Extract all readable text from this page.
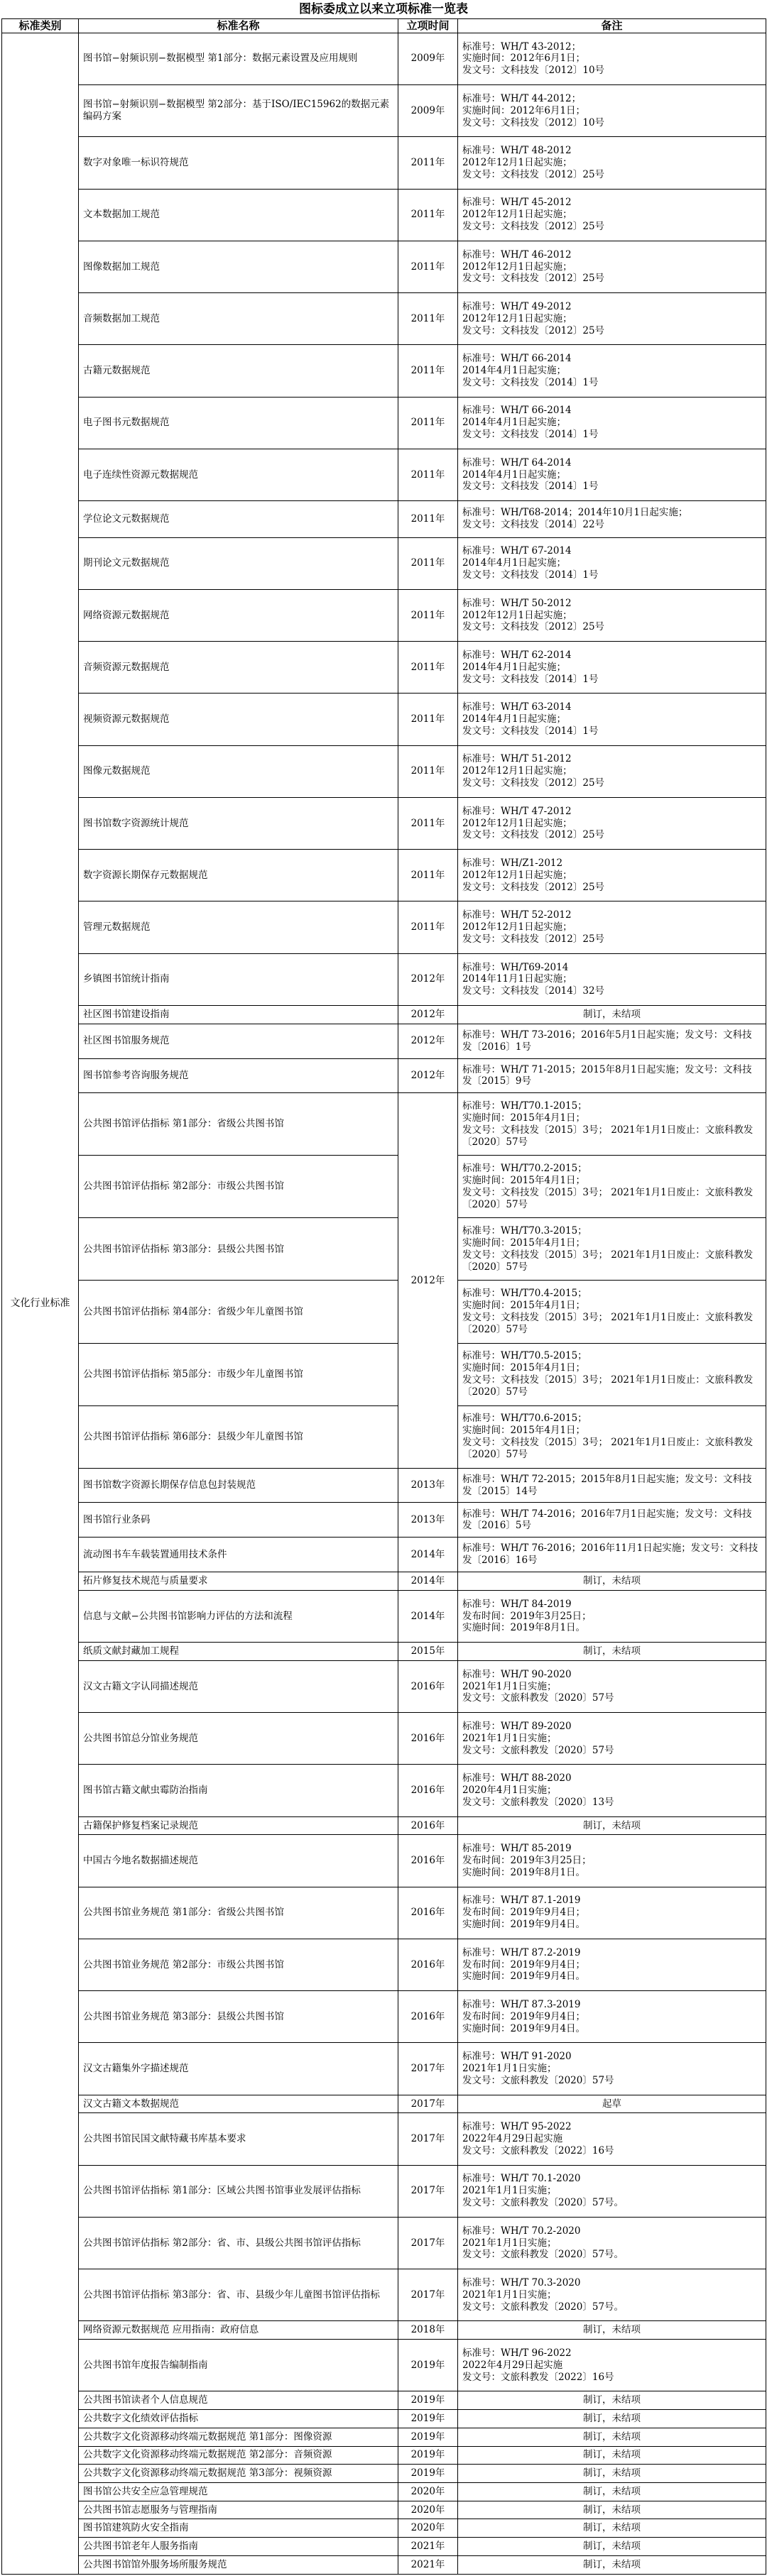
图标委成立以来立项标准一览表
标准类别	标准名称	立项时间	备注
文化行业标准	图书馆−射频识别−数据模型 第1部分：数据元素设置及应用规则	2009年	标准号：WH/T 43-2012；
实施时间：2012年6月1日；
发文号：文科技发〔2012〕10号

	图书馆−射频识别−数据模型 第2部分：基于ISO/IEC15962的数据元素编码方案	2009年	标准号：WH/T 44-2012；
实施时间：2012年6月1日；
发文号：文科技发〔2012〕10号

	数字对象唯一标识符规范	2011年	标准号：WH/T 48-2012
2012年12月1日起实施；
发文号：文科技发〔2012〕25号

	文本数据加工规范	2011年	标准号：WH/T 45-2012
2012年12月1日起实施；
发文号：文科技发〔2012〕25号

	图像数据加工规范	2011年	标准号：WH/T 46-2012
2012年12月1日起实施；
发文号：文科技发〔2012〕25号

	音频数据加工规范	2011年	标准号：WH/T 49-2012
2012年12月1日起实施；
发文号：文科技发〔2012〕25号

	古籍元数据规范	2011年	标准号：WH/T 66-2014
2014年4月1日起实施；
发文号：文科技发〔2014〕1号

	电子图书元数据规范	2011年	标准号：WH/T 66-2014
2014年4月1日起实施；
发文号：文科技发〔2014〕1号

	电子连续性资源元数据规范	2011年	标准号：WH/T 64-2014
2014年4月1日起实施；
发文号：文科技发〔2014〕1号

	学位论文元数据规范	2011年	标准号：WH/T68-2014；2014年10月1日起实施；
发文号：文科技发〔2014〕22号

	期刊论文元数据规范	2011年	标准号：WH/T 67-2014
2014年4月1日起实施；
发文号：文科技发〔2014〕1号

	网络资源元数据规范	2011年	标准号：WH/T 50-2012
2012年12月1日起实施；
发文号：文科技发〔2012〕25号

	音频资源元数据规范	2011年	标准号：WH/T 62-2014
2014年4月1日起实施；
发文号：文科技发〔2014〕1号

	视频资源元数据规范	2011年	标准号：WH/T 63-2014
2014年4月1日起实施；
发文号：文科技发〔2014〕1号

	图像元数据规范	2011年	标准号：WH/T 51-2012
2012年12月1日起实施；
发文号：文科技发〔2012〕25号

	图书馆数字资源统计规范	2011年	标准号：WH/T 47-2012
2012年12月1日起实施；
发文号：文科技发〔2012〕25号

	数字资源长期保存元数据规范	2011年	标准号：WH/Z1-2012
2012年12月1日起实施；
发文号：文科技发〔2012〕25号

	管理元数据规范	2011年	标准号：WH/T 52-2012
2012年12月1日起实施；
发文号：文科技发〔2012〕25号

	乡镇图书馆统计指南	2012年	标准号：WH/T69-2014
2014年11月1日起实施；
发文号：文科技发〔2014〕32号

	社区图书馆建设指南	2012年	制订，未结项

	社区图书馆服务规范	2012年	标准号：WH/T 73-2016；2016年5月1日起实施；发文号：文科技发〔2016〕1号

	图书馆参考咨询服务规范	2012年	标准号：WH/T 71-2015；2015年8月1日起实施；发文号：文科技发〔2015〕9号

	公共图书馆评估指标 第1部分：省级公共图书馆	2012年	标准号：WH/T70.1-2015；
实施时间：2015年4月1日；
发文号：文科技发〔2015〕3号； 2021年1月1日废止：文旅科教发〔2020〕57号

	公共图书馆评估指标 第2部分：市级公共图书馆		标准号：WH/T70.2-2015；
实施时间：2015年4月1日；
发文号：文科技发〔2015〕3号； 2021年1月1日废止：文旅科教发〔2020〕57号

	公共图书馆评估指标 第3部分：县级公共图书馆		标准号：WH/T70.3-2015；
实施时间：2015年4月1日；
发文号：文科技发〔2015〕3号； 2021年1月1日废止：文旅科教发〔2020〕57号

	公共图书馆评估指标 第4部分：省级少年儿童图书馆		标准号：WH/T70.4-2015；
实施时间：2015年4月1日；
发文号：文科技发〔2015〕3号； 2021年1月1日废止：文旅科教发〔2020〕57号

	公共图书馆评估指标 第5部分：市级少年儿童图书馆		标准号：WH/T70.5-2015；
实施时间：2015年4月1日；
发文号：文科技发〔2015〕3号； 2021年1月1日废止：文旅科教发〔2020〕57号

	公共图书馆评估指标 第6部分：县级少年儿童图书馆		标准号：WH/T70.6-2015；
实施时间：2015年4月1日；
发文号：文科技发〔2015〕3号； 2021年1月1日废止：文旅科教发〔2020〕57号

	图书馆数字资源长期保存信息包封装规范	2013年	标准号：WH/T 72-2015；2015年8月1日起实施；发文号：文科技发〔2015〕14号

	图书馆行业条码	2013年	标准号：WH/T 74-2016；2016年7月1日起实施；发文号：文科技发〔2016〕5号

	流动图书车车载装置通用技术条件	2014年	标准号：WH/T 76-2016；2016年11月1日起实施；发文号：文科技发〔2016〕16号

	拓片修复技术规范与质量要求	2014年	制订，未结项

	信息与文献−公共图书馆影响力评估的方法和流程	2014年	标准号：WH/T 84-2019
发布时间：2019年3月25日；
实施时间：2019年8月1日。

	纸质文献封藏加工规程	2015年	制订，未结项

	汉文古籍文字认同描述规范	2016年	标准号：WH/T 90-2020
2021年1月1日实施；
发文号：文旅科教发〔2020〕57号

	公共图书馆总分馆业务规范	2016年	标准号：WH/T 89-2020
2021年1月1日实施；
发文号：文旅科教发〔2020〕57号

	图书馆古籍文献虫霉防治指南	2016年	标准号：WH/T 88-2020
2020年4月1日实施；
发文号：文旅科教发〔2020〕13号

	古籍保护修复档案记录规范	2016年	制订，未结项

	中国古今地名数据描述规范	2016年	标准号：WH/T 85-2019
发布时间：2019年3月25日；
实施时间：2019年8月1日。

	公共图书馆业务规范 第1部分：省级公共图书馆	2016年	标准号：WH/T 87.1-2019
发布时间：2019年9月4日；
实施时间：2019年9月4日。

	公共图书馆业务规范 第2部分：市级公共图书馆	2016年	标准号：WH/T 87.2-2019
发布时间：2019年9月4日；
实施时间：2019年9月4日。

	公共图书馆业务规范 第3部分：县级公共图书馆	2016年	标准号：WH/T 87.3-2019
发布时间：2019年9月4日；
实施时间：2019年9月4日。

	汉文古籍集外字描述规范	2017年	标准号：WH/T 91-2020
2021年1月1日实施；
发文号：文旅科教发〔2020〕57号

	汉文古籍文本数据规范	2017年	起草

	公共图书馆民国文献特藏书库基本要求	2017年	标准号：WH/T 95-2022
2022年4月29日起实施
发文号：文旅科教发〔2022〕16号

	公共图书馆评估指标 第1部分：区域公共图书馆事业发展评估指标	2017年	标准号：WH/T 70.1-2020
2021年1月1日实施；
发文号：文旅科教发〔2020〕57号。

	公共图书馆评估指标 第2部分：省、市、县级公共图书馆评估指标	2017年	标准号：WH/T 70.2-2020
2021年1月1日实施；
发文号：文旅科教发〔2020〕57号。

	公共图书馆评估指标 第3部分：省、市、县级少年儿童图书馆评估指标	2017年	标准号：WH/T 70.3-2020
2021年1月1日实施；
发文号：文旅科教发〔2020〕57号。

	网络资源元数据规范 应用指南：政府信息	2018年	制订，未结项

	公共图书馆年度报告编制指南	2019年	标准号：WH/T 96-2022
2022年4月29日起实施
发文号：文旅科教发〔2022〕16号

	公共图书馆读者个人信息规范	2019年	制订，未结项

	公共数字文化绩效评估指标	2019年	制订，未结项

	公共数字文化资源移动终端元数据规范 第1部分：图像资源	2019年	制订，未结项

	公共数字文化资源移动终端元数据规范 第2部分：音频资源	2019年	制订，未结项

	公共数字文化资源移动终端元数据规范 第3部分：视频资源	2019年	制订，未结项

	图书馆公共安全应急管理规范	2020年	制订，未结项

	公共图书馆志愿服务与管理指南	2020年	制订，未结项

	图书馆建筑防火安全指南	2020年	制订，未结项

	公共图书馆老年人服务指南	2021年	制订，未结项

	公共图书馆馆外服务场所服务规范	2021年	制订，未结项
